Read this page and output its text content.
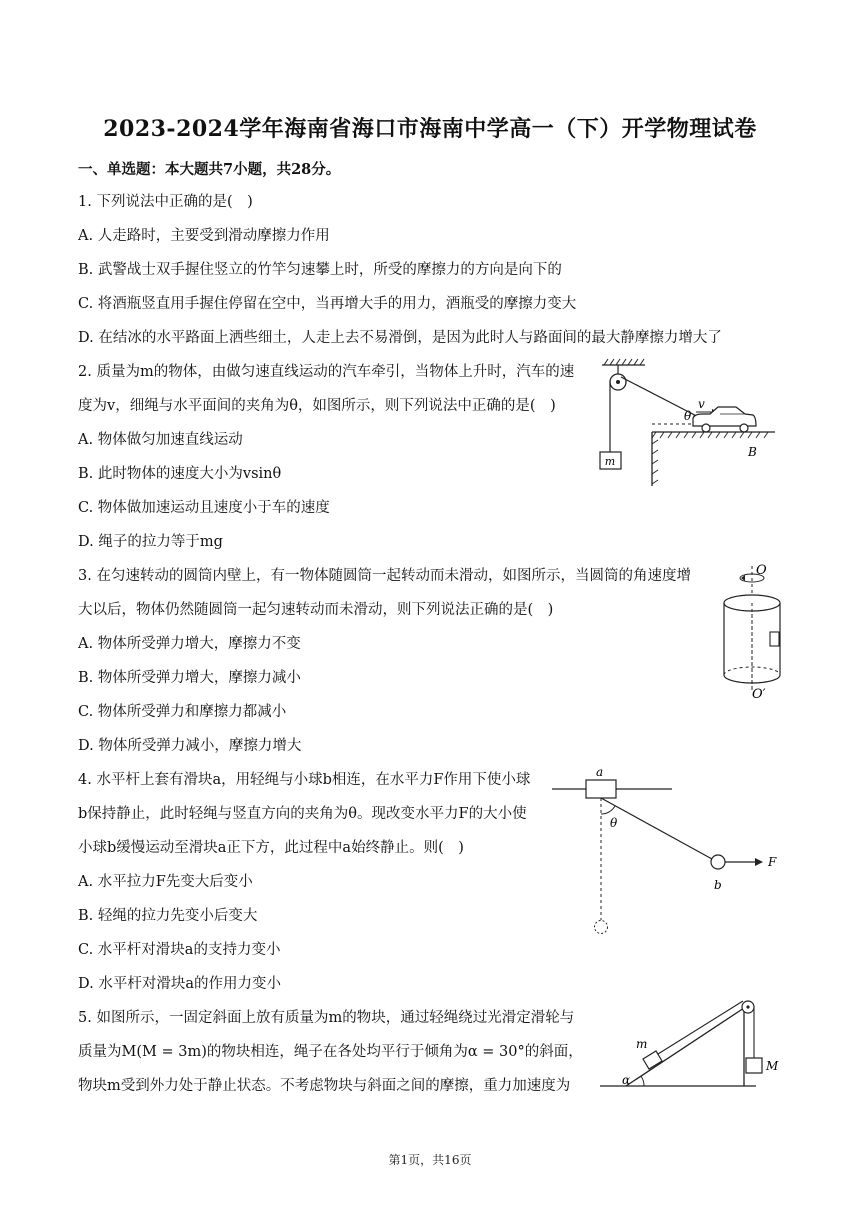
2023-2024学年海南省海口市海南中学高一（下）开学物理试卷
一、单选题：本大题共7小题，共28分。
1. 下列说法中正确的是(　)
A. 人走路时，主要受到滑动摩擦力作用
B. 武警战士双手握住竖立的竹竿匀速攀上时，所受的摩擦力的方向是向下的
C. 将酒瓶竖直用手握住停留在空中，当再增大手的用力，酒瓶受的摩擦力变大
D. 在结冰的水平路面上洒些细土，人走上去不易滑倒，是因为此时人与路面间的最大静摩擦力增大了
2. 质量为m的物体，由做匀速直线运动的汽车牵引，当物体上升时，汽车的速
度为v，细绳与水平面间的夹角为θ，如图所示，则下列说法中正确的是(　)
A. 物体做匀加速直线运动
B. 此时物体的速度大小为vsinθ
C. 物体做加速运动且速度小于车的速度
D. 绳子的拉力等于mg
3. 在匀速转动的圆筒内壁上，有一物体随圆筒一起转动而未滑动，如图所示，当圆筒的角速度增
大以后，物体仍然随圆筒一起匀速转动而未滑动，则下列说法正确的是(　)
A. 物体所受弹力增大，摩擦力不变
B. 物体所受弹力增大，摩擦力减小
C. 物体所受弹力和摩擦力都减小
D. 物体所受弹力减小，摩擦力增大
4. 水平杆上套有滑块a，用轻绳与小球b相连，在水平力F作用下使小球
b保持静止，此时轻绳与竖直方向的夹角为θ。现改变水平力F的大小使
小球b缓慢运动至滑块a正下方，此过程中a始终静止。则(　)
A. 水平拉力F先变大后变小
B. 轻绳的拉力先变小后变大
C. 水平杆对滑块a的支持力变小
D. 水平杆对滑块a的作用力变小
5. 如图所示，一固定斜面上放有质量为m的物块，通过轻绳绕过光滑定滑轮与
质量为M(M = 3m)的物块相连，绳子在各处均平行于倾角为α = 30°的斜面，
物块m受到外力处于静止状态。不考虑物块与斜面之间的摩擦，重力加速度为
m
θ
v
B
O
O′
a
θ
b
F
M
m
α
第1页，共16页
